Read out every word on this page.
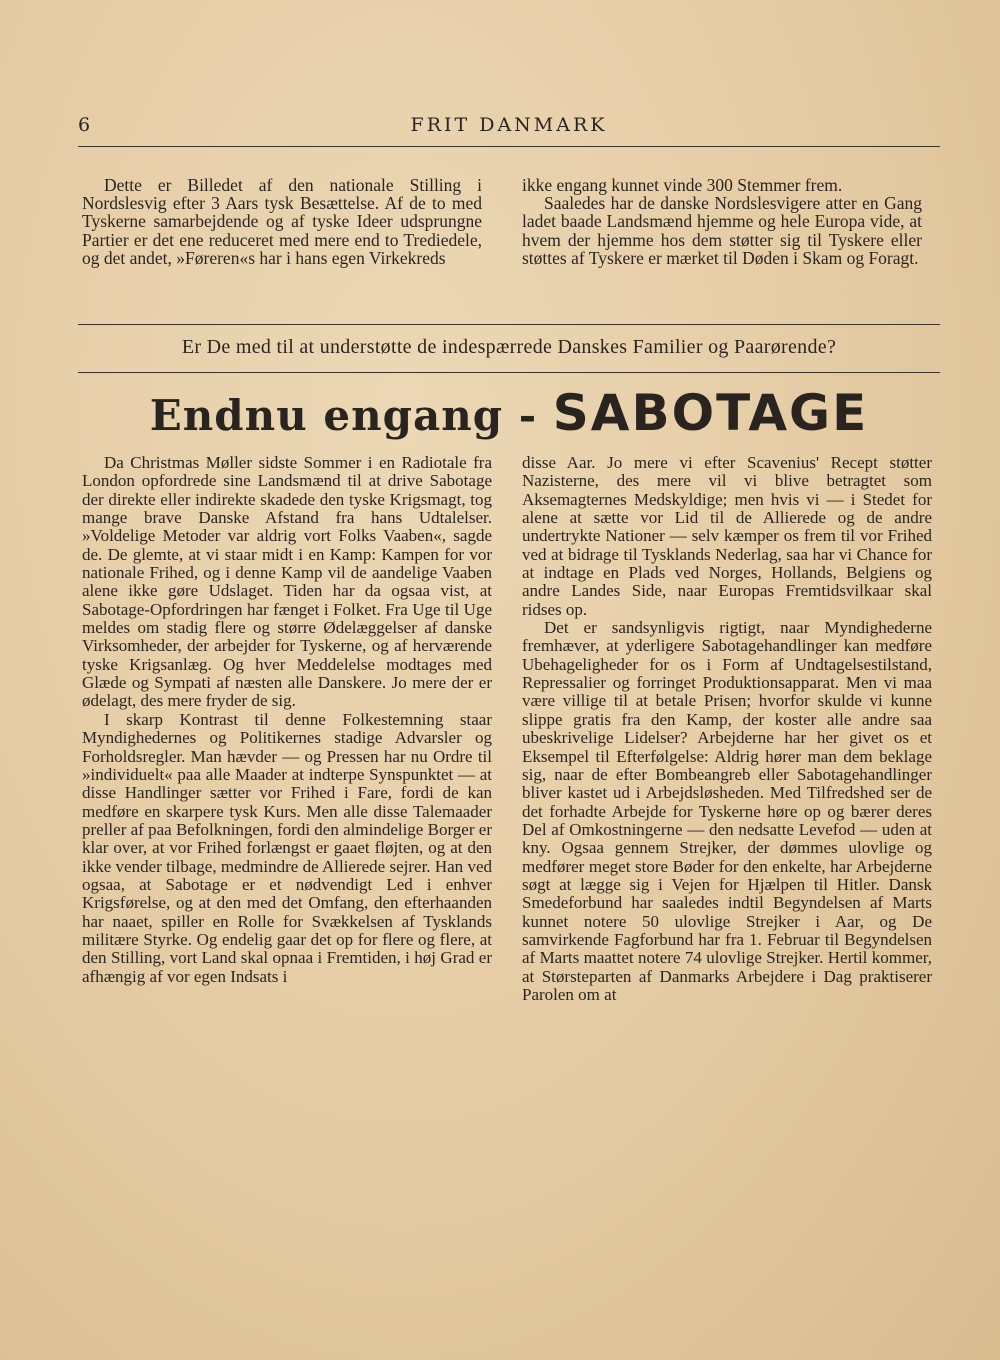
6	FRIT DANMARK

Dette er Billedet af den nationale Stilling i Nordslesvig efter 3 Aars tysk Besættelse. Af de to med Tyskerne samarbejdende og af tyske Ideer udsprungne Partier er det ene reduceret med mere end to Trediedele, og det andet, »Føreren«s har i hans egen Virkekreds

ikke engang kunnet vinde 300 Stemmer frem.

Saaledes har de danske Nordslesvigere atter en Gang ladet baade Landsmænd hjemme og hele Europa vide, at hvem der hjemme hos dem støtter sig til Tyskere eller støttes af Tyskere er mærket til Døden i Skam og Foragt.

Er De med til at understøtte de indespærrede Danskes Familier og Paarørende?
Endnu engang - SABOTAGE

Da Christmas Møller sidste Sommer i en Radiotale fra London opfordrede sine Landsmænd til at drive Sabotage der direkte eller indirekte skadede den tyske Krigsmagt, tog mange brave Danske Afstand fra hans Udtalelser. »Voldelige Metoder var aldrig vort Folks Vaaben«, sagde de. De glemte, at vi staar midt i en Kamp: Kampen for vor nationale Frihed, og i denne Kamp vil de aandelige Vaaben alene ikke gøre Udslaget. Tiden har da ogsaa vist, at Sabotage-Opfordringen har fænget i Folket. Fra Uge til Uge meldes om stadig flere og større Ødelæggelser af danske Virksomheder, der arbejder for Tyskerne, og af herværende tyske Krigsanlæg. Og hver Meddelelse modtages med Glæde og Sympati af næsten alle Danskere. Jo mere der er ødelagt, des mere fryder de sig.

I skarp Kontrast til denne Folkestemning staar Myndighedernes og Politikernes stadige Advarsler og Forholdsregler. Man hævder — og Pressen har nu Ordre til »individuelt« paa alle Maader at indterpe Synspunktet — at disse Handlinger sætter vor Frihed i Fare, fordi de kan medføre en skarpere tysk Kurs. Men alle disse Talemaader preller af paa Befolkningen, fordi den almindelige Borger er klar over, at vor Frihed forlængst er gaaet fløjten, og at den ikke vender tilbage, medmindre de Allierede sejrer. Han ved ogsaa, at Sabotage er et nødvendigt Led i enhver Krigsførelse, og at den med det Omfang, den efterhaanden har naaet, spiller en Rolle for Svækkelsen af Tysklands militære Styrke. Og endelig gaar det op for flere og flere, at den Stilling, vort Land skal opnaa i Fremtiden, i høj Grad er afhængig af vor egen Indsats i

disse Aar. Jo mere vi efter Scavenius' Recept støtter Nazisterne, des mere vil vi blive betragtet som Aksemagternes Medskyldige; men hvis vi — i Stedet for alene at sætte vor Lid til de Allierede og de andre undertrykte Nationer — selv kæmper os frem til vor Frihed ved at bidrage til Tysklands Nederlag, saa har vi Chance for at indtage en Plads ved Norges, Hollands, Belgiens og andre Landes Side, naar Europas Fremtidsvilkaar skal ridses op.

Det er sandsynligvis rigtigt, naar Myndighederne fremhæver, at yderligere Sabotagehandlinger kan medføre Ubehageligheder for os i Form af Undtagelsestilstand, Repressalier og forringet Produktionsapparat. Men vi maa være villige til at betale Prisen; hvorfor skulde vi kunne slippe gratis fra den Kamp, der koster alle andre saa ubeskrivelige Lidelser? Arbejderne har her givet os et Eksempel til Efterfølgelse: Aldrig hører man dem beklage sig, naar de efter Bombeangreb eller Sabotagehandlinger bliver kastet ud i Arbejdsløsheden. Med Tilfredshed ser de det forhadte Arbejde for Tyskerne høre op og bærer deres Del af Omkostningerne — den nedsatte Levefod — uden at kny. Ogsaa gennem Strejker, der dømmes ulovlige og medfører meget store Bøder for den enkelte, har Arbejderne søgt at lægge sig i Vejen for Hjælpen til Hitler. Dansk Smedeforbund har saaledes indtil Begyndelsen af Marts kunnet notere 50 ulovlige Strejker i Aar, og De samvirkende Fagforbund har fra 1. Februar til Begyndelsen af Marts maattet notere 74 ulovlige Strejker. Hertil kommer, at Størsteparten af Danmarks Arbejdere i Dag praktiserer Parolen om at
